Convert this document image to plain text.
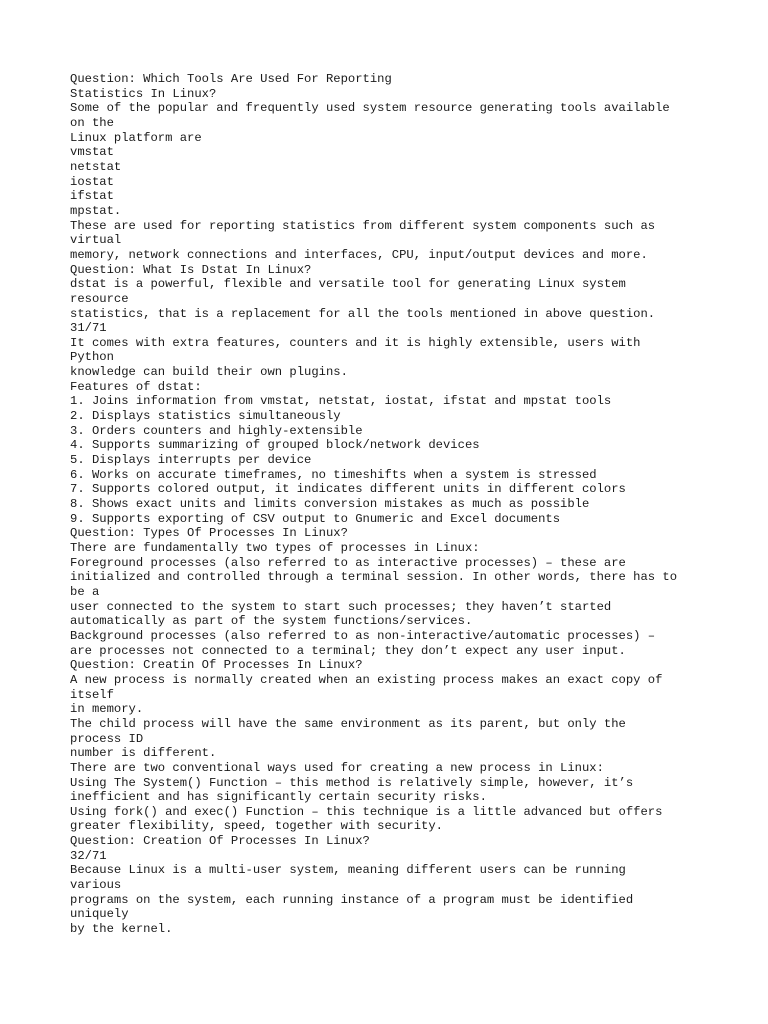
Question: Which Tools Are Used For Reporting
Statistics In Linux?
Some of the popular and frequently used system resource generating tools available
on the
Linux platform are
vmstat
netstat
iostat
ifstat
mpstat.
These are used for reporting statistics from different system components such as
virtual
memory, network connections and interfaces, CPU, input/output devices and more.
Question: What Is Dstat In Linux?
dstat is a powerful, flexible and versatile tool for generating Linux system
resource
statistics, that is a replacement for all the tools mentioned in above question.
31/71
It comes with extra features, counters and it is highly extensible, users with
Python
knowledge can build their own plugins.
Features of dstat:
1. Joins information from vmstat, netstat, iostat, ifstat and mpstat tools
2. Displays statistics simultaneously
3. Orders counters and highly-extensible
4. Supports summarizing of grouped block/network devices
5. Displays interrupts per device
6. Works on accurate timeframes, no timeshifts when a system is stressed
7. Supports colored output, it indicates different units in different colors
8. Shows exact units and limits conversion mistakes as much as possible
9. Supports exporting of CSV output to Gnumeric and Excel documents
Question: Types Of Processes In Linux?
There are fundamentally two types of processes in Linux:
Foreground processes (also referred to as interactive processes) – these are
initialized and controlled through a terminal session. In other words, there has to
be a
user connected to the system to start such processes; they haven’t started
automatically as part of the system functions/services.
Background processes (also referred to as non-interactive/automatic processes) –
are processes not connected to a terminal; they don’t expect any user input.
Question: Creatin Of Processes In Linux?
A new process is normally created when an existing process makes an exact copy of
itself
in memory.
The child process will have the same environment as its parent, but only the
process ID
number is different.
There are two conventional ways used for creating a new process in Linux:
Using The System() Function – this method is relatively simple, however, it’s
inefficient and has significantly certain security risks.
Using fork() and exec() Function – this technique is a little advanced but offers
greater flexibility, speed, together with security.
Question: Creation Of Processes In Linux?
32/71
Because Linux is a multi-user system, meaning different users can be running
various
programs on the system, each running instance of a program must be identified
uniquely
by the kernel.
